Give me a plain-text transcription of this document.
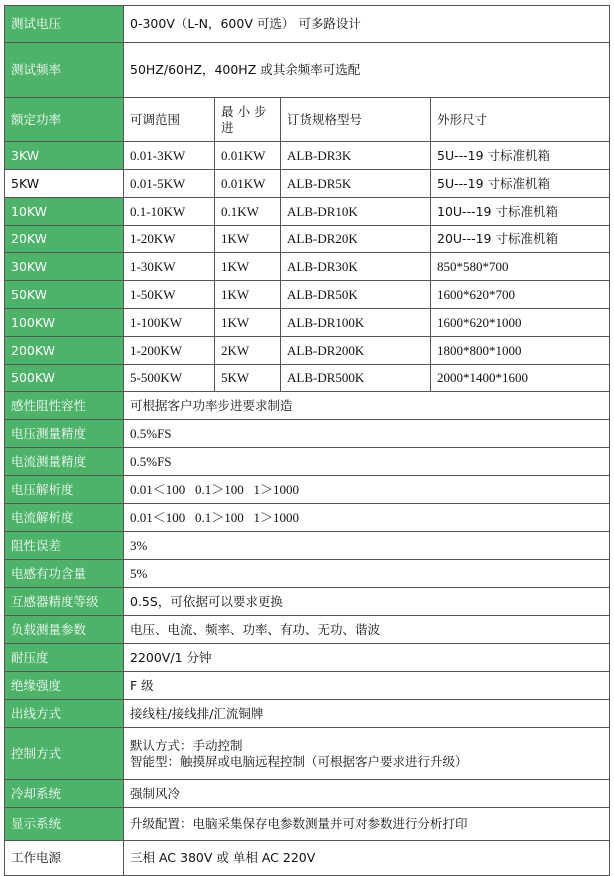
测试电压	0-300V（L-N，600V 可选） 可多路设计			
测试频率	50HZ/60HZ，400HZ 或其余频率可选配			
额定功率	可调范围	最 小 步 进	订货规格型号	外形尺寸
3KW	0.01-3KW	0.01KW	ALB-DR3K	5U---19 寸标准机箱
5KW	0.01-5KW	0.01KW	ALB-DR5K	5U---19 寸标准机箱
10KW	0.1-10KW	0.1KW	ALB-DR10K	10U---19 寸标准机箱
20KW	1-20KW	1KW	ALB-DR20K	20U---19 寸标准机箱
30KW	1-30KW	1KW	ALB-DR30K	850*580*700
50KW	1-50KW	1KW	ALB-DR50K	1600*620*700
100KW	1-100KW	1KW	ALB-DR100K	1600*620*1000
200KW	1-200KW	2KW	ALB-DR200K	1800*800*1000
500KW	5-500KW	5KW	ALB-DR500K	2000*1400*1600
感性阻性容性	可根据客户功率步进要求制造			
电压测量精度	0.5%FS			
电流测量精度	0.5%FS			
电压解析度	0.01＜100   0.1＞100   1＞1000			
电流解析度	0.01＜100   0.1＞100   1＞1000			
阻性误差	3%			
电感有功含量	5%			
互感器精度等级	0.5S，可依据可以要求更换			
负载测量参数	电压、电流、频率、功率、有功、无功、谐波			
耐压度	2200V/1 分钟			
绝缘强度	F 级			
出线方式	接线柱/接线排/汇流铜牌			
控制方式	默认方式：手动控制
智能型：触摸屏或电脑远程控制（可根据客户要求进行升级）			

冷却系统	强制风冷			
显示系统	升级配置：电脑采集保存电参数测量并可对参数进行分析打印			
工作电源	三相 AC 380V 或 单相 AC 220V			
